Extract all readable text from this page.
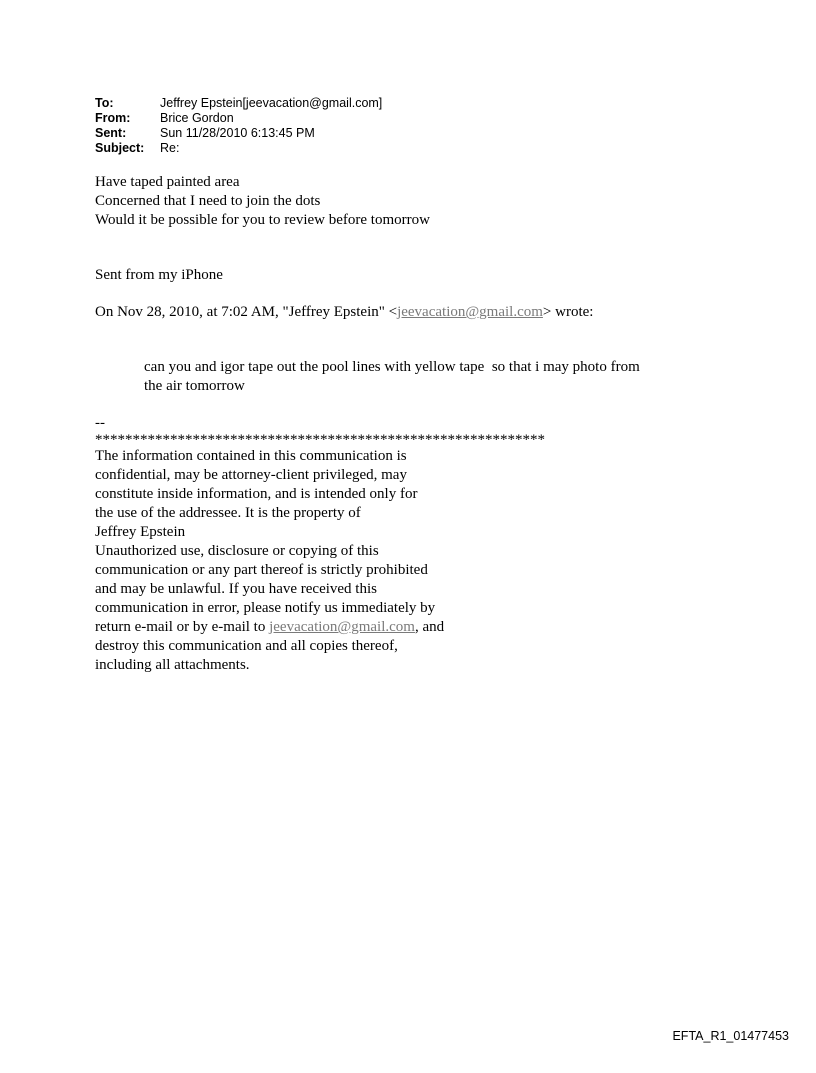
To:	Jeffrey Epstein[jeevacation@gmail.com]
From:	Brice Gordon
Sent:	Sun 11/28/2010 6:13:45 PM
Subject:	Re:
Have taped painted area
Concerned that I need to join the dots
Would it be possible for you to review before tomorrow
Sent from my iPhone
On Nov 28, 2010, at 7:02 AM, "Jeffrey Epstein" <jeevacation@gmail.com> wrote:
can you and igor tape out the pool lines with yellow tape  so that i may photo from
the air tomorrow
--
************************************************************
The information contained in this communication is
confidential, may be attorney-client privileged, may
constitute inside information, and is intended only for
the use of the addressee. It is the property of
Jeffrey Epstein
Unauthorized use, disclosure or copying of this
communication or any part thereof is strictly prohibited
and may be unlawful. If you have received this
communication in error, please notify us immediately by
return e-mail or by e-mail to jeevacation@gmail.com, and
destroy this communication and all copies thereof,
including all attachments.
EFTA_R1_01477453
